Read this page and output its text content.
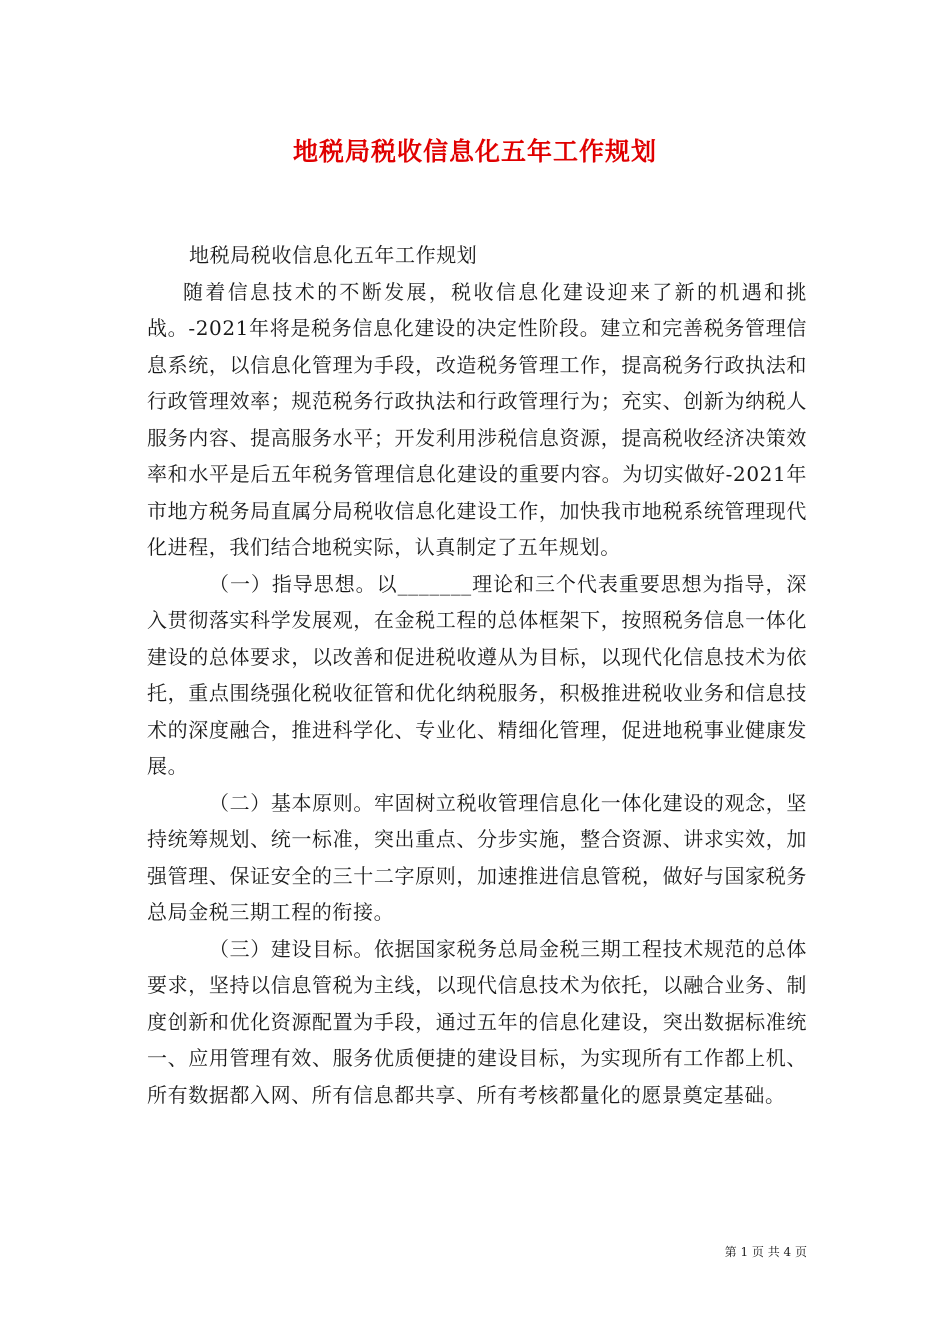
地税局税收信息化五年工作规划

地税局税收信息化五年工作规划

随着信息技术的不断发展，税收信息化建设迎来了新的机遇和挑战。-2021年将是税务信息化建设的决定性阶段。建立和完善税务管理信息系统，以信息化管理为手段，改造税务管理工作，提高税务行政执法和行政管理效率；规范税务行政执法和行政管理行为；充实、创新为纳税人服务内容、提高服务水平；开发利用涉税信息资源，提高税收经济决策效率和水平是后五年税务管理信息化建设的重要内容。为切实做好-2021年市地方税务局直属分局税收信息化建设工作，加快我市地税系统管理现代化进程，我们结合地税实际，认真制定了五年规划。

（一）指导思想。以_______理论和三个代表重要思想为指导，深入贯彻落实科学发展观，在金税工程的总体框架下，按照税务信息一体化建设的总体要求，以改善和促进税收遵从为目标，以现代化信息技术为依托，重点围绕强化税收征管和优化纳税服务，积极推进税收业务和信息技术的深度融合，推进科学化、专业化、精细化管理，促进地税事业健康发展。

（二）基本原则。牢固树立税收管理信息化一体化建设的观念，坚持统筹规划、统一标准，突出重点、分步实施，整合资源、讲求实效，加强管理、保证安全的三十二字原则，加速推进信息管税，做好与国家税务总局金税三期工程的衔接。

（三）建设目标。依据国家税务总局金税三期工程技术规范的总体要求，坚持以信息管税为主线，以现代信息技术为依托，以融合业务、制度创新和优化资源配置为手段，通过五年的信息化建设，突出数据标准统一、应用管理有效、服务优质便捷的建设目标，为实现所有工作都上机、所有数据都入网、所有信息都共享、所有考核都量化的愿景奠定基础。

第 1 页 共 4 页
